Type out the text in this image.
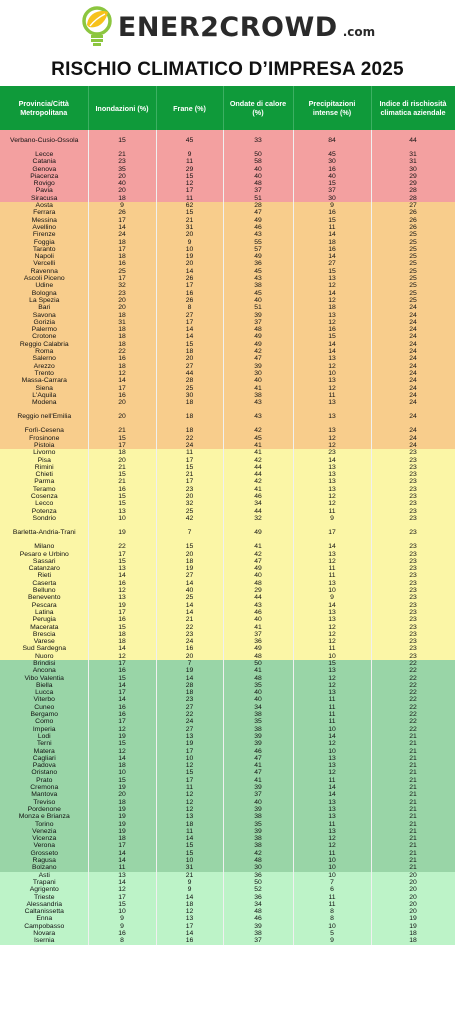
ENER2CROWD .com
RISCHIO CLIMATICO D’IMPRESA 2025
Provincia/Città Metropolitana	Inondazioni (%)	Frane (%)	Ondate di calore (%)	Precipitazioni intense (%)	Indice di rischiosità climatica aziendale
Verbano-Cusio-Ossola	15	45	33	84	44
Lecce	21	9	50	45	31
Catania	23	11	58	30	31
Genova	35	29	40	16	30
Piacenza	20	15	40	40	29
Rovigo	40	12	48	15	29
Pavia	20	17	37	37	28
Siracusa	18	11	51	30	28
Aosta	9	62	28	9	27
Ferrara	26	15	47	16	26
Messina	17	21	49	15	26
Avellino	14	31	46	11	26
Firenze	24	20	43	14	25
Foggia	18	9	55	18	25
Taranto	17	10	57	16	25
Napoli	18	19	49	14	25
Vercelli	16	20	36	27	25
Ravenna	25	14	45	15	25
Ascoli Piceno	17	26	43	13	25
Udine	32	17	38	12	25
Bologna	23	16	45	14	25
La Spezia	20	26	40	12	25
Bari	20	8	51	18	24
Savona	18	27	39	13	24
Gorizia	31	17	37	12	24
Palermo	18	14	48	16	24
Crotone	18	14	49	15	24
Reggio Calabria	18	15	49	14	24
Roma	22	18	42	14	24
Salerno	16	20	47	13	24
Arezzo	18	27	39	12	24
Trento	12	44	30	10	24
Massa-Carrara	14	28	40	13	24
Siena	17	25	41	12	24
L'Aquila	16	30	38	11	24
Modena	20	18	43	13	24
Reggio nell'Emilia	20	18	43	13	24
Forlì-Cesena	21	18	42	13	24
Frosinone	15	22	45	12	24
Pistoia	17	24	41	12	24
Livorno	18	11	41	23	23
Pisa	20	17	42	14	23
Rimini	21	15	44	13	23
Chieti	15	21	44	13	23
Parma	21	17	42	13	23
Teramo	16	23	41	13	23
Cosenza	15	20	46	12	23
Lecco	15	32	34	12	23
Potenza	13	25	44	11	23
Sondrio	10	42	32	9	23
Barletta-Andria-Trani	19	7	49	17	23
Milano	22	15	41	14	23
Pesaro e Urbino	17	20	42	13	23
Sassari	15	18	47	12	23
Catanzaro	13	19	49	11	23
Rieti	14	27	40	11	23
Caserta	16	14	48	13	23
Belluno	12	40	29	10	23
Benevento	13	25	44	9	23
Pescara	19	14	43	14	23
Latina	17	14	46	13	23
Perugia	16	21	40	13	23
Macerata	15	22	41	12	23
Brescia	18	23	37	12	23
Varese	18	24	36	12	23
Sud Sardegna	14	16	49	11	23
Nuoro	12	20	48	10	23
Brindisi	17	7	50	15	22
Ancona	16	19	41	13	22
Vibo Valentia	15	14	48	12	22
Biella	14	28	35	12	22
Lucca	17	18	40	13	22
Viterbo	14	23	40	11	22
Cuneo	16	27	34	11	22
Bergamo	16	22	38	11	22
Como	17	24	35	11	22
Imperia	12	27	38	10	22
Lodi	19	13	39	14	21
Terni	15	19	39	12	21
Matera	12	17	46	10	21
Cagliari	14	10	47	13	21
Padova	18	12	41	13	21
Oristano	10	15	47	12	21
Prato	15	17	41	11	21
Cremona	19	11	39	14	21
Mantova	20	12	37	14	21
Treviso	18	12	40	13	21
Pordenone	19	12	39	13	21
Monza e Brianza	19	13	38	13	21
Torino	19	18	35	11	21
Venezia	19	11	39	13	21
Vicenza	18	14	38	12	21
Verona	17	15	38	12	21
Grosseto	14	15	42	11	21
Ragusa	14	10	48	10	21
Bolzano	11	31	30	10	21
Asti	13	21	36	10	20
Trapani	14	9	50	7	20
Agrigento	12	9	52	6	20
Trieste	17	14	36	11	20
Alessandria	15	18	34	11	20
Caltanissetta	10	12	48	8	20
Enna	9	13	46	8	19
Campobasso	9	17	39	10	19
Novara	16	14	38	5	18
Isernia	8	16	37	9	18
